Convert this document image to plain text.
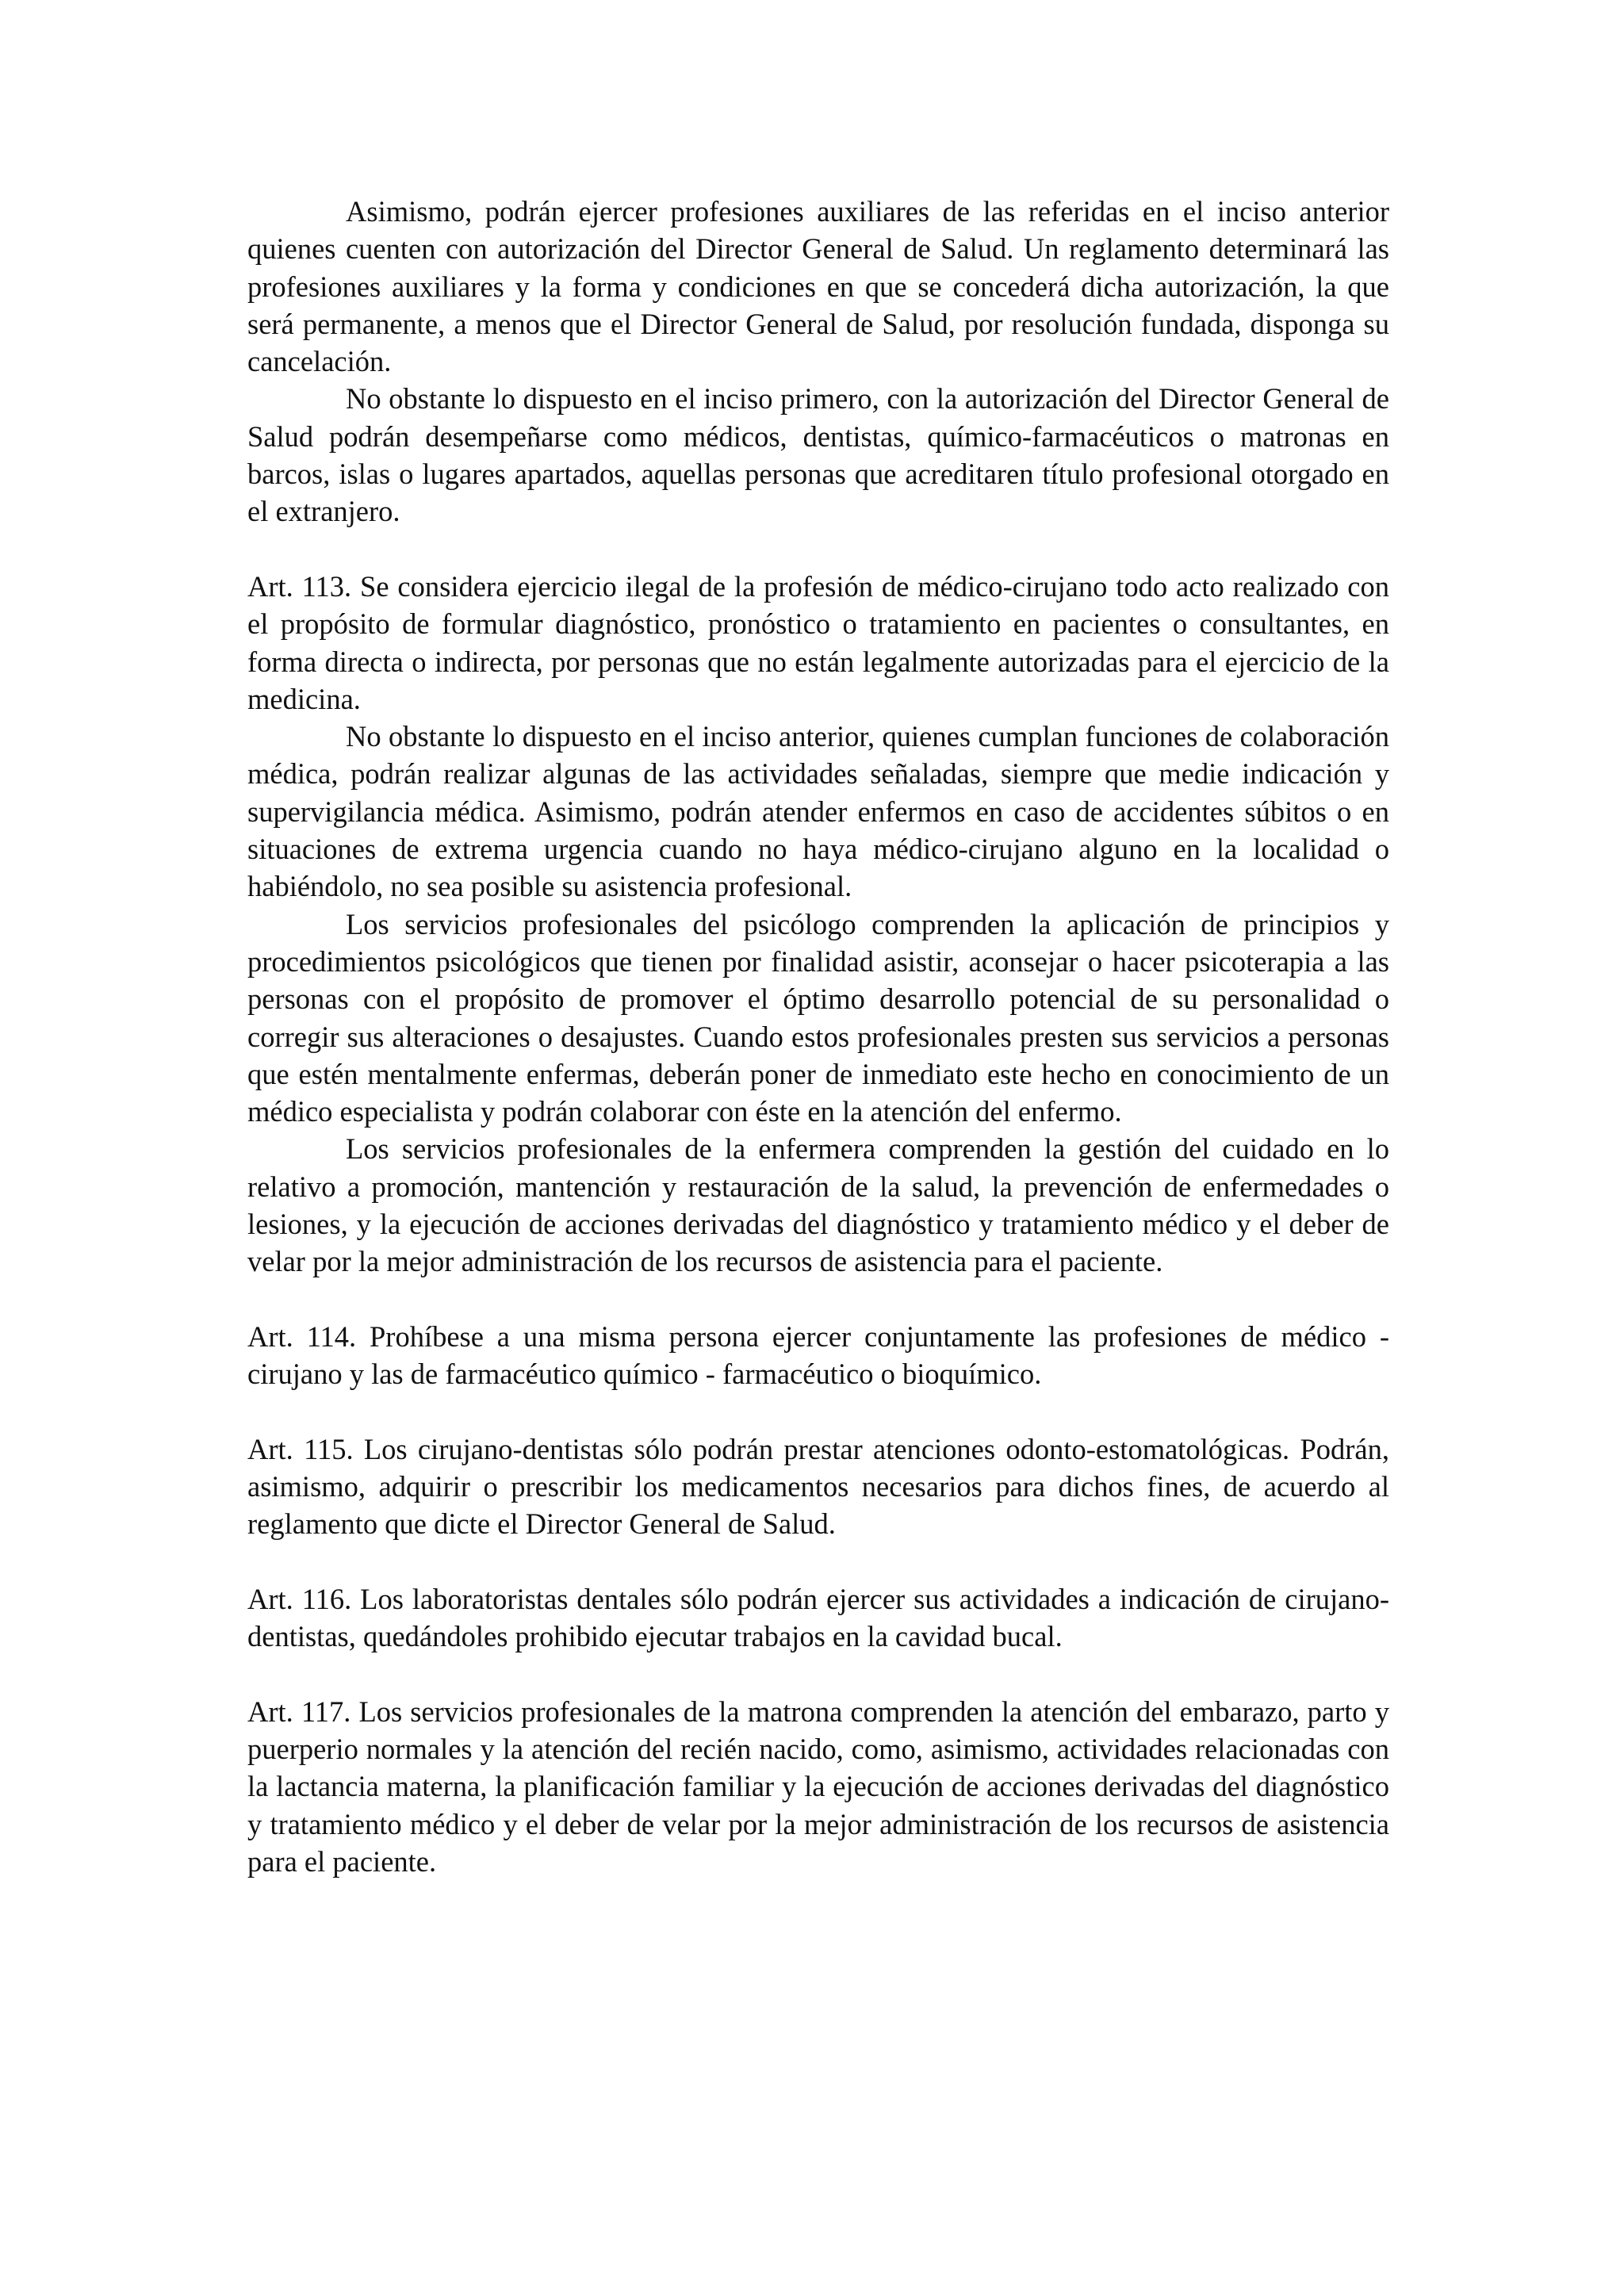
Asimismo, podrán ejercer profesiones auxiliares de las referidas en el inciso anterior quienes cuenten con autorización del Director General de Salud. Un reglamento determinará las profesiones auxiliares y la forma y condiciones en que se concederá dicha autorización, la que será permanente, a menos que el Director General de Salud, por resolución fundada, disponga su cancelación.

No obstante lo dispuesto en el inciso primero, con la autorización del Director General de Salud podrán desempeñarse como médicos, dentistas, químico-farmacéuticos o matronas en barcos, islas o lugares apartados, aquellas personas que acreditaren título profesional otorgado en el extranjero.

Art. 113. Se considera ejercicio ilegal de la profesión de médico-cirujano todo acto realizado con el propósito de formular diagnóstico, pronóstico o tratamiento en pacientes o consultantes, en forma directa o indirecta, por personas que no están legalmente autorizadas para el ejercicio de la medicina.

No obstante lo dispuesto en el inciso anterior, quienes cumplan funciones de colaboración médica, podrán realizar algunas de las actividades señaladas, siempre que medie indicación y supervigilancia médica. Asimismo, podrán atender enfermos en caso de accidentes súbitos o en situaciones de extrema urgencia cuando no haya médico-cirujano alguno en la localidad o habiéndolo, no sea posible su asistencia profesional.

Los servicios profesionales del psicólogo comprenden la aplicación de principios y procedimientos psicológicos que tienen por finalidad asistir, aconsejar o hacer psicoterapia a las personas con el propósito de promover el óptimo desarrollo potencial de su personalidad o corregir sus alteraciones o desajustes. Cuando estos profesionales presten sus servicios a personas que estén mentalmente enfermas, deberán poner de inmediato este hecho en conocimiento de un médico especialista y podrán colaborar con éste en la atención del enfermo.

Los servicios profesionales de la enfermera comprenden la gestión del cuidado en lo relativo a promoción, mantención y restauración de la salud, la prevención de enfermedades o lesiones, y la ejecución de acciones derivadas del diagnóstico y tratamiento médico y el deber de velar por la mejor administración de los recursos de asistencia para el paciente.

Art. 114. Prohíbese a una misma persona ejercer conjuntamente las profesiones de médico - cirujano y las de farmacéutico químico - farmacéutico o bioquímico.

Art. 115. Los cirujano-dentistas sólo podrán prestar atenciones odonto-estomatológicas. Podrán, asimismo, adquirir o prescribir los medicamentos necesarios para dichos fines, de acuerdo al reglamento que dicte el Director General de Salud.

Art. 116. Los laboratoristas dentales sólo podrán ejercer sus actividades a indicación de cirujano-dentistas, quedándoles prohibido ejecutar trabajos en la cavidad bucal.

Art. 117. Los servicios profesionales de la matrona comprenden la atención del embarazo, parto y puerperio normales y la atención del recién nacido, como, asimismo, actividades relacionadas con la lactancia materna, la planificación familiar y la ejecución de acciones derivadas del diagnóstico y tratamiento médico y el deber de velar por la mejor administración de los recursos de asistencia para el paciente.
